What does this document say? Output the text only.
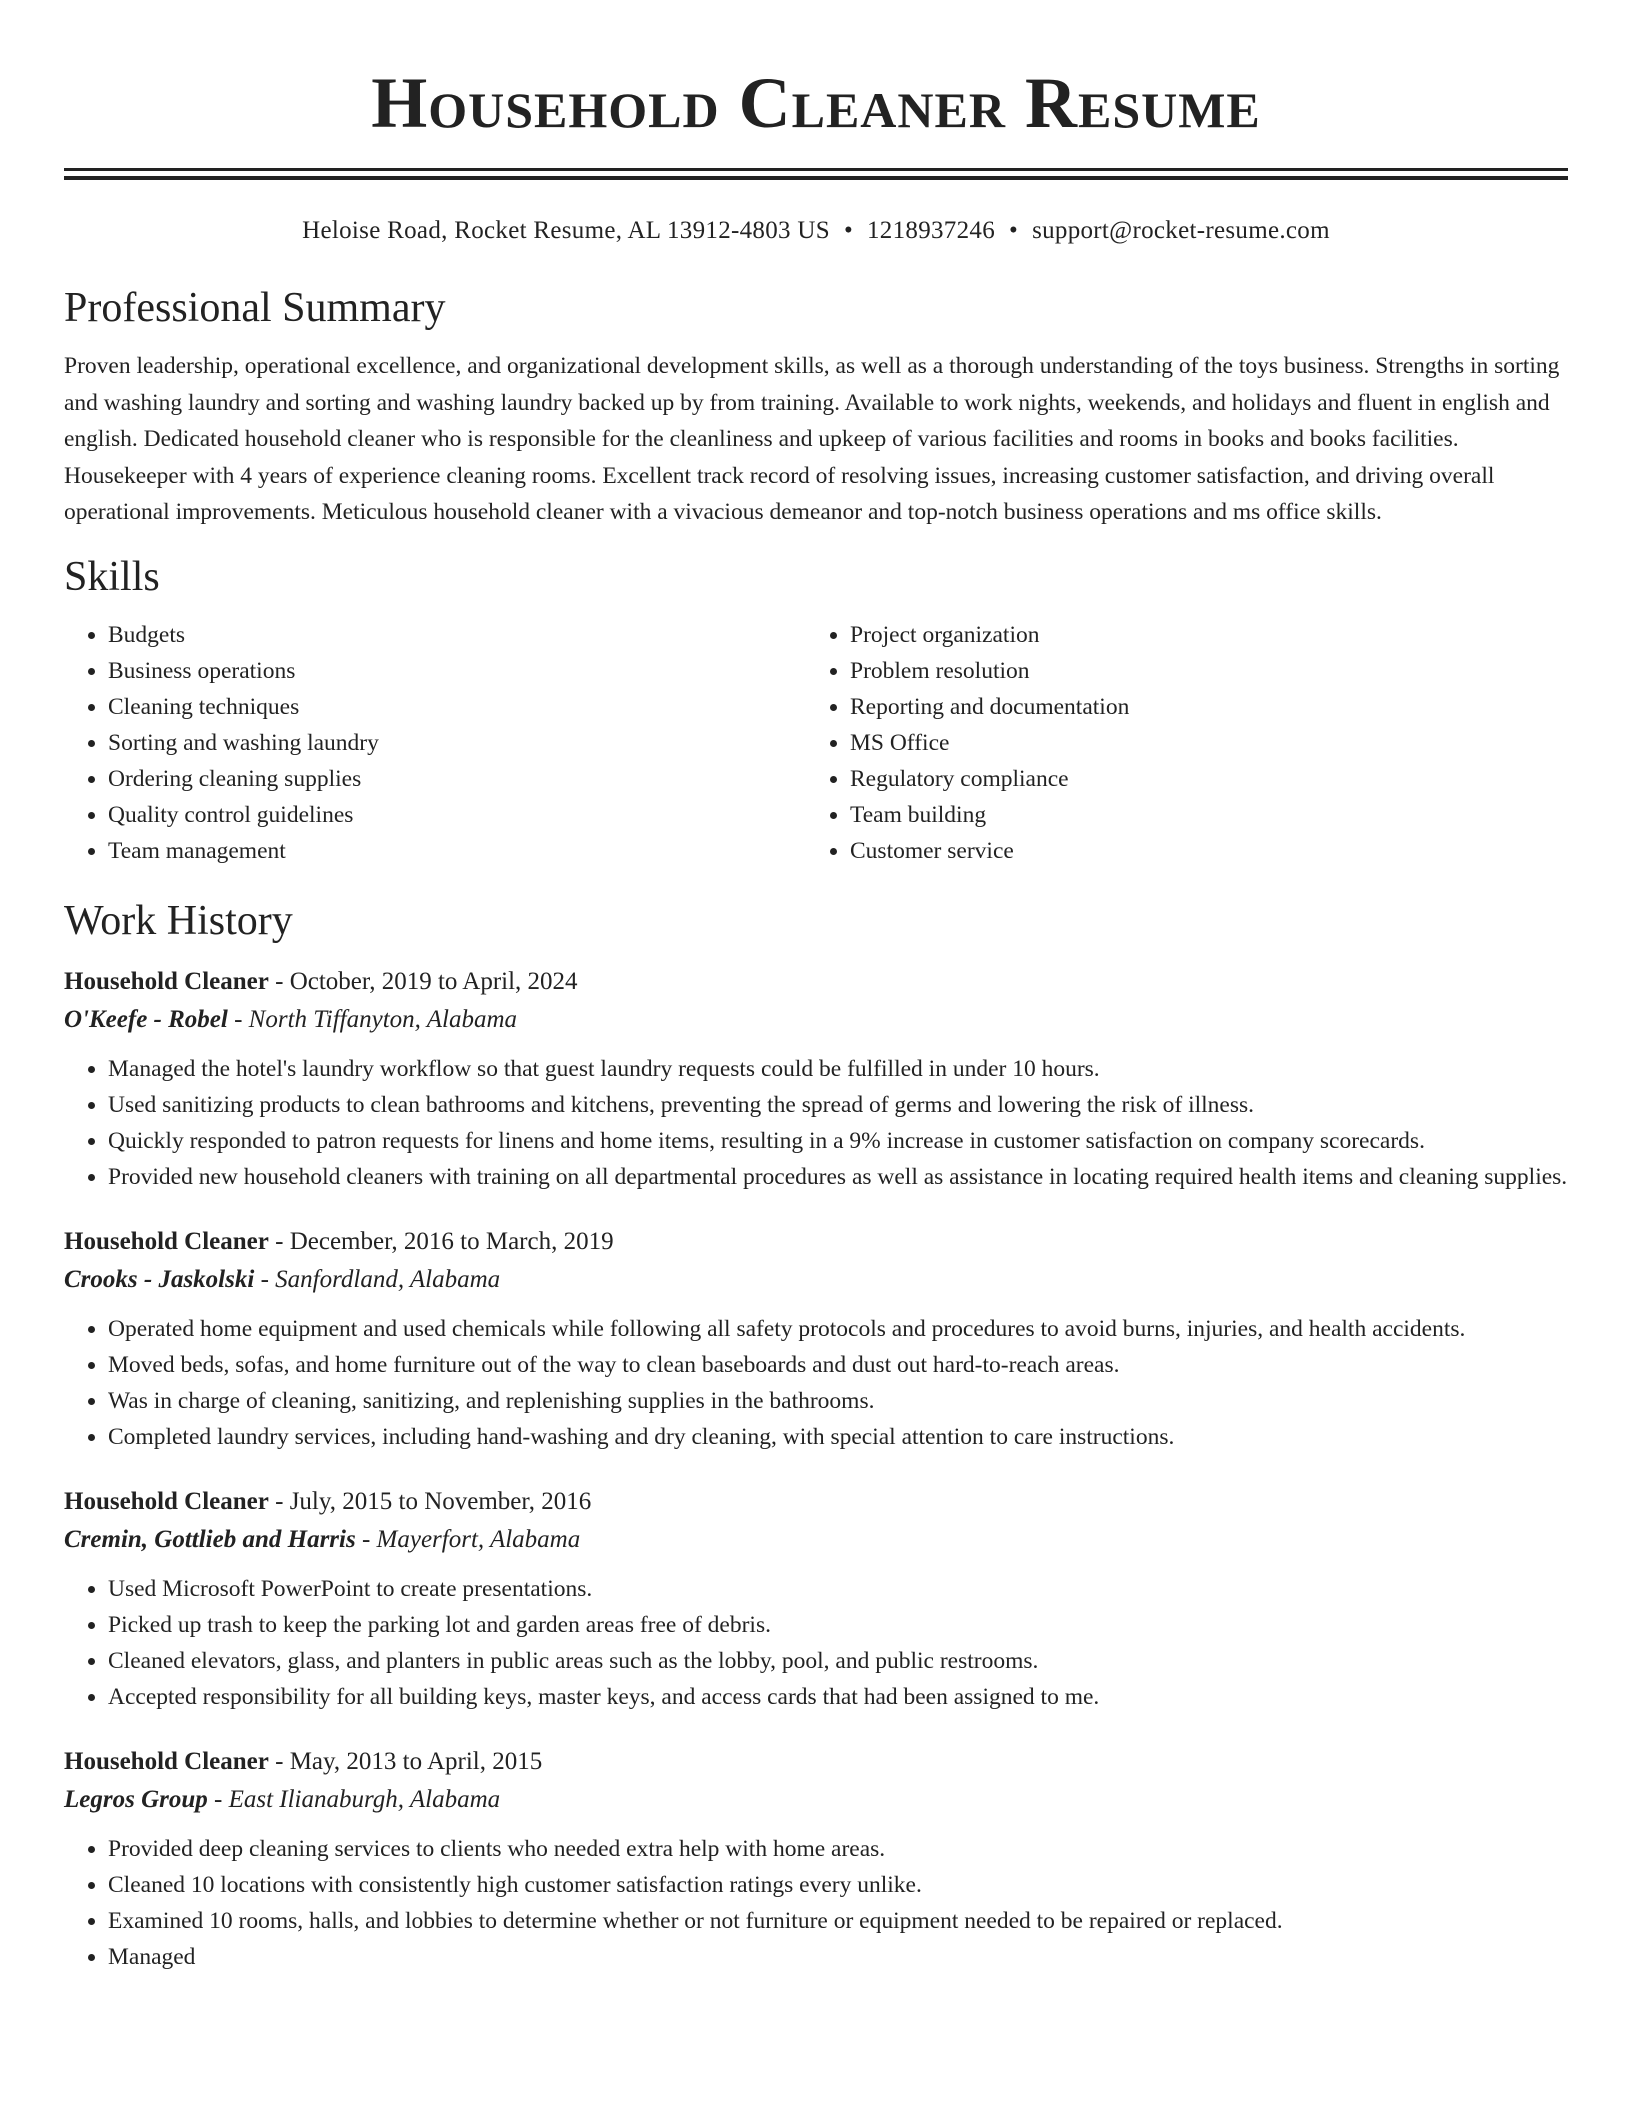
Household Cleaner Resume
Heloise Road, Rocket Resume, AL 13912-4803 US • 1218937246 • support@rocket-resume.com
Professional Summary

Proven leadership, operational excellence, and organizational development skills, as well as a thorough understanding of the toys business. Strengths in sorting and washing laundry and sorting and washing laundry backed up by from training. Available to work nights, weekends, and holidays and fluent in english and english. Dedicated household cleaner who is responsible for the cleanliness and upkeep of various facilities and rooms in books and books facilities. Housekeeper with 4 years of experience cleaning rooms. Excellent track record of resolving issues, increasing customer satisfaction, and driving overall operational improvements. Meticulous household cleaner with a vivacious demeanor and top-notch business operations and ms office skills.

Skills
• Budgets
• Business operations
• Cleaning techniques
• Sorting and washing laundry
• Ordering cleaning supplies
• Quality control guidelines
• Team management
• Project organization
• Problem resolution
• Reporting and documentation
• MS Office
• Regulatory compliance
• Team building
• Customer service
Work History
Household Cleaner - October, 2019 to April, 2024
O'Keefe - Robel - North Tiffanyton, Alabama
• Managed the hotel's laundry workflow so that guest laundry requests could be fulfilled in under 10 hours.
• Used sanitizing products to clean bathrooms and kitchens, preventing the spread of germs and lowering the risk of illness.
• Quickly responded to patron requests for linens and home items, resulting in a 9% increase in customer satisfaction on company scorecards.
• Provided new household cleaners with training on all departmental procedures as well as assistance in locating required health items and cleaning supplies.
Household Cleaner - December, 2016 to March, 2019
Crooks - Jaskolski - Sanfordland, Alabama
• Operated home equipment and used chemicals while following all safety protocols and procedures to avoid burns, injuries, and health accidents.
• Moved beds, sofas, and home furniture out of the way to clean baseboards and dust out hard-to-reach areas.
• Was in charge of cleaning, sanitizing, and replenishing supplies in the bathrooms.
• Completed laundry services, including hand-washing and dry cleaning, with special attention to care instructions.
Household Cleaner - July, 2015 to November, 2016
Cremin, Gottlieb and Harris - Mayerfort, Alabama
• Used Microsoft PowerPoint to create presentations.
• Picked up trash to keep the parking lot and garden areas free of debris.
• Cleaned elevators, glass, and planters in public areas such as the lobby, pool, and public restrooms.
• Accepted responsibility for all building keys, master keys, and access cards that had been assigned to me.
Household Cleaner - May, 2013 to April, 2015
Legros Group - East Ilianaburgh, Alabama
• Provided deep cleaning services to clients who needed extra help with home areas.
• Cleaned 10 locations with consistently high customer satisfaction ratings every unlike.
• Examined 10 rooms, halls, and lobbies to determine whether or not furniture or equipment needed to be repaired or replaced.
• Managed
